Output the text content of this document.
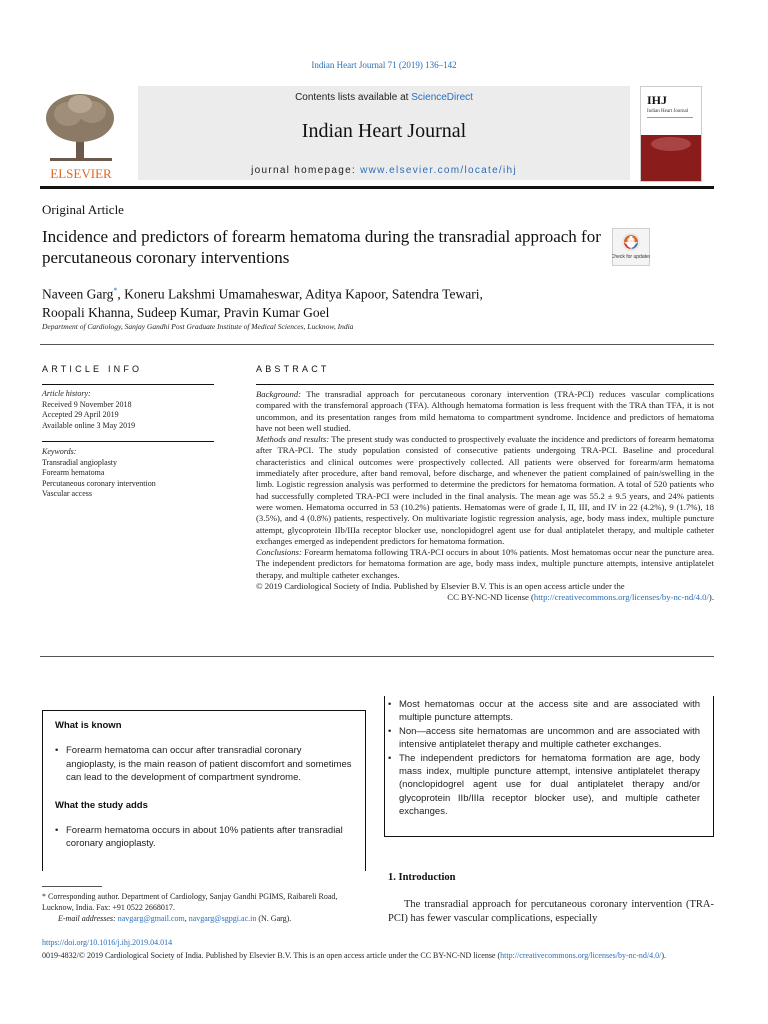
Indian Heart Journal 71 (2019) 136–142
ELSEVIER
Contents lists available at ScienceDirect
Indian Heart Journal
journal homepage: www.elsevier.com/locate/ihj
IHJ
Indian Heart Journal
Original Article
Incidence and predictors of forearm hematoma during the transradial approach for percutaneous coronary interventions	Check for updates
Naveen Garg*, Koneru Lakshmi Umamaheswar, Aditya Kapoor, Satendra Tewari,
Roopali Khanna, Sudeep Kumar, Pravin Kumar Goel
Department of Cardiology, Sanjay Gandhi Post Graduate Institute of Medical Sciences, Lucknow, India
ARTICLE INFO
Article history:
Received 9 November 2018
Accepted 29 April 2019
Available online 3 May 2019
Keywords:
Transradial angioplasty
Forearm hematoma
Percutaneous coronary intervention
Vascular access
ABSTRACT

Background: The transradial approach for percutaneous coronary intervention (TRA-PCI) reduces vascular complications compared with the transfemoral approach (TFA). Although hematoma formation is less frequent with the TRA than TFA, it is not uncommon, and its presentation ranges from mild hematoma to compartment syndrome. Incidence and predictors of hematoma have not been well studied.

Methods and results: The present study was conducted to prospectively evaluate the incidence and predictors of forearm hematoma after TRA-PCI. The study population consisted of consecutive patients undergoing TRA-PCI. Baseline and procedural characteristics and clinical outcomes were prospectively collected. All patients were observed for forearm/arm hematoma immediately after procedure, after band removal, before discharge, and whenever the patient complained of pain/swelling in the limb. Logistic regression analysis was performed to determine the predictors for hematoma formation. A total of 520 patients who had successfully completed TRA-PCI were included in the final analysis. The mean age was 55.2 ± 9.5 years, and 24% patients were women. Hematoma occurred in 53 (10.2%) patients. Hematomas were of grade I, II, III, and IV in 22 (4.2%), 9 (1.7%), 18 (3.5%), and 4 (0.8%) patients, respectively. On multivariate logistic regression analysis, age, body mass index, multiple puncture attempt, glycoprotein IIb/IIIa receptor blocker use, nonclopidogrel agent use for dual antiplatelet therapy, and multiple catheter exchanges emerged as independent predictors for hematoma formation.

Conclusions: Forearm hematoma following TRA-PCI occurs in about 10% patients. Most hematomas occur near the puncture area. The independent predictors for hematoma formation are age, body mass index, multiple puncture attempts, intensive antiplatelet therapy, and multiple catheter exchanges.

© 2019 Cardiological Society of India. Published by Elsevier B.V. This is an open access article under the

CC BY-NC-ND license (http://creativecommons.org/licenses/by-nc-nd/4.0/).

What is known
• Forearm hematoma can occur after transradial coronary angioplasty, is the main reason of patient discomfort and sometimes can lead to the development of compartment syndrome.
What the study adds
• Forearm hematoma occurs in about 10% patients after transradial coronary angioplasty.
• Most hematomas occur at the access site and are associated with multiple puncture attempts.
• Non—access site hematomas are uncommon and are associated with intensive antiplatelet therapy and multiple catheter exchanges.
• The independent predictors for hematoma formation are age, body mass index, multiple puncture attempt, intensive antiplatelet therapy (nonclopidogrel agent use for dual antiplatelet therapy and/or glycoprotein IIb/IIIa receptor blocker use), and multiple catheter exchanges.
1. Introduction
The transradial approach for percutaneous coronary intervention (TRA-PCI) has fewer vascular complications, especially
* Corresponding author. Department of Cardiology, Sanjay Gandhi PGIMS, Raibareli Road, Lucknow, India. Fax: +91 0522 2668017.
E-mail addresses: navgarg@gmail.com, navgarg@sgpgi.ac.in (N. Garg).
https://doi.org/10.1016/j.ihj.2019.04.014
0019-4832/© 2019 Cardiological Society of India. Published by Elsevier B.V. This is an open access article under the CC BY-NC-ND license (http://creativecommons.org/licenses/by-nc-nd/4.0/).
